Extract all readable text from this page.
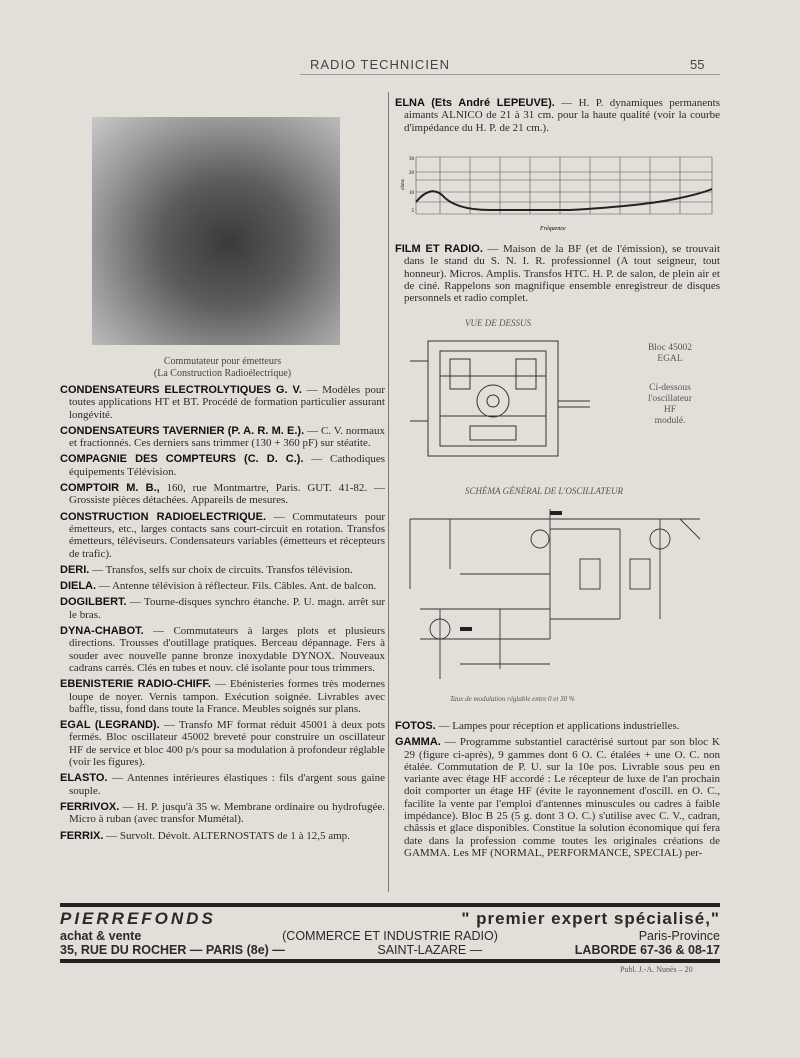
RADIO TECHNICIEN	55
Commutateur pour émetteurs
(La Construction Radioélectrique)

CONDENSATEURS ELECTROLYTIQUES G. V. — Modèles pour toutes applications HT et BT. Procédé de formation particulier assurant longévité.

CONDENSATEURS TAVERNIER (P. A. R. M. E.). — C. V. normaux et fractionnés. Ces derniers sans trimmer (130 + 360 pF) sur stéatite.

COMPAGNIE DES COMPTEURS (C. D. C.). — Cathodiques équipements Télévision.

COMPTOIR M. B., 160, rue Montmartre, Paris. GUT. 41-82. — Grossiste pièces détachées. Appareils de mesures.

CONSTRUCTION RADIOELECTRIQUE. — Commutateurs pour émetteurs, etc., larges contacts sans court-circuit en rotation. Transfos émetteurs, téléviseurs. Condensateurs variables (émetteurs et récepteurs de trafic).

DERI. — Transfos, selfs sur choix de circuits. Transfos télévision.

DIELA. — Antenne télévision à réflecteur. Fils. Câbles. Ant. de balcon.

DOGILBERT. — Tourne-disques synchro étanche. P. U. magn. arrêt sur le bras.

DYNA-CHABOT. — Commutateurs à larges plots et plusieurs directions. Trousses d'outillage pratiques. Berceau dépannage. Fers à souder avec nouvelle panne bronze inoxydable DYNOX. Nouveaux cadrans carrés. Clés en tubes et nouv. clé isolante pour tous trimmers.

EBENISTERIE RADIO-CHIFF. — Ebénisteries formes très modernes loupe de noyer. Vernis tampon. Exécution soignée. Livrables avec baffle, tissu, fond dans toute la France. Meubles soignés sur plans.

EGAL (LEGRAND). — Transfo MF format réduit 45001 à deux pots fermés. Bloc oscillateur 45002 breveté pour construire un oscillateur HF de service et bloc 400 p/s pour sa modulation à profondeur réglable (voir les figures).

ELASTO. — Antennes intérieures élastiques : fils d'argent sous gaine souple.

FERRIVOX. — H. P. jusqu'à 35 w. Membrane ordinaire ou hydrofugée. Micro à ruban (avec transfor Mumétal).

FERRIX. — Survolt. Dévolt. ALTERNOSTATS de 1 à 12,5 amp.

ELNA (Ets André LEPEUVE). — H. P. dynamiques permanents aimants ALNICO de 21 à 31 cm. pour la haute qualité (voir la courbe d'impédance du H. P. de 21 cm.).

30
20
10
5
ohms
Fréquence

FILM ET RADIO. — Maison de la BF (et de l'émission), se trouvait dans le stand du S. N. I. R. professionnel (A tout seigneur, tout honneur). Micros. Amplis. Transfos HTC. H. P. de salon, de plein air et de ciné. Rappelons son magnifique ensemble enregistreur de disques personnels et radio complet.

VUE DE DESSUS
Bloc 45002
EGAL
Ci-dessous
l'oscillateur
HF
modulé.
SCHÉMA GÉNÉRAL DE L'OSCILLATEUR
Taux de modulation réglable entre 0 et 30 %

FOTOS. — Lampes pour réception et applications industrielles.

GAMMA. — Programme substantiel caractérisé surtout par son bloc K 29 (figure ci-après), 9 gammes dont 6 O. C. étalées + une O. C. non étalée. Commutation de P. U. sur la 10e pos. Livrable sous peu en variante avec étage HF accordé : Le récepteur de luxe de l'an prochain doit comporter un étage HF (évite le rayonnement d'oscill. en O. C., facilite la vente par l'emploi d'antennes minuscules ou cadres à faible impédance). Bloc B 25 (5 g. dont 3 O. C.) s'utilise avec C. V., cadran, châssis et glace disponibles. Constitue la solution économique qui fera date dans la profession comme toutes les originales créations de GAMMA. Les MF (NORMAL, PERFORMANCE, SPECIAL) per-

PIERREFONDS	" premier expert spécialisé,"
achat & vente	(COMMERCE ET INDUSTRIE RADIO)	Paris-Province
35, RUE DU ROCHER — PARIS (8e) —	SAINT-LAZARE —	LABORDE 67-36 & 08-17
Publ. J.-A. Nunès – 20
